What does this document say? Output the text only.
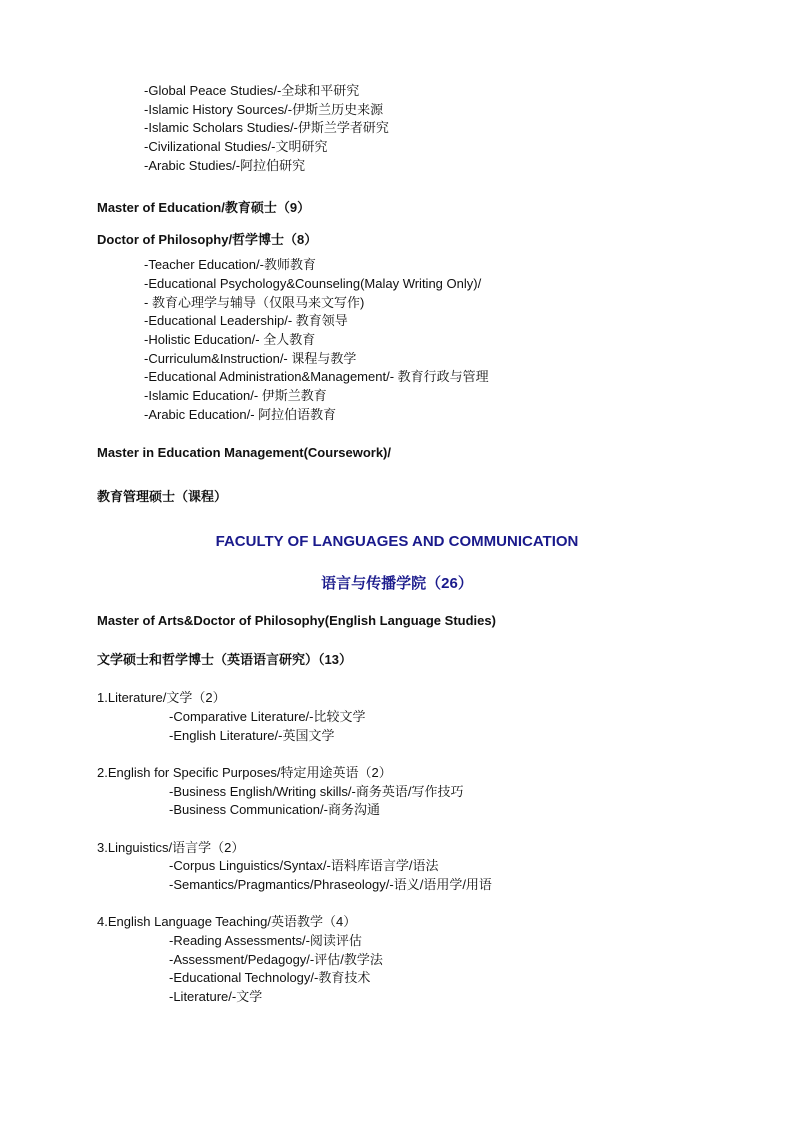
-Global Peace Studies/-全球和平研究
-Islamic History Sources/-伊斯兰历史来源
-Islamic Scholars Studies/-伊斯兰学者研究
-Civilizational Studies/-文明研究
-Arabic Studies/-阿拉伯研究
Master of Education/教育硕士（9）
Doctor of Philosophy/哲学博士（8）
-Teacher Education/-教师教育
-Educational Psychology&Counseling(Malay Writing Only)/
- 教育心理学与辅导（仅限马来文写作)
-Educational Leadership/- 教育领导
-Holistic Education/- 全人教育
-Curriculum&Instruction/- 课程与教学
-Educational Administration&Management/- 教育行政与管理
-Islamic Education/- 伊斯兰教育
-Arabic Education/- 阿拉伯语教育
Master in Education Management(Coursework)/
教育管理硕士（课程）
FACULTY OF LANGUAGES AND COMMUNICATION
语言与传播学院（26）
Master of Arts&Doctor of Philosophy(English Language Studies)
文学硕士和哲学博士（英语语言研究）（13）
1.Literature/文学（2）
-Comparative Literature/-比较文学
-English Literature/-英国文学
2.English for Specific Purposes/特定用途英语（2）
-Business English/Writing skills/-商务英语/写作技巧
-Business Communication/-商务沟通
3.Linguistics/语言学（2）
-Corpus Linguistics/Syntax/-语料库语言学/语法
-Semantics/Pragmantics/Phraseology/-语义/语用学/用语
4.English Language Teaching/英语教学（4）
-Reading Assessments/-阅读评估
-Assessment/Pedagogy/-评估/教学法
-Educational Technology/-教育技术
-Literature/-文学
